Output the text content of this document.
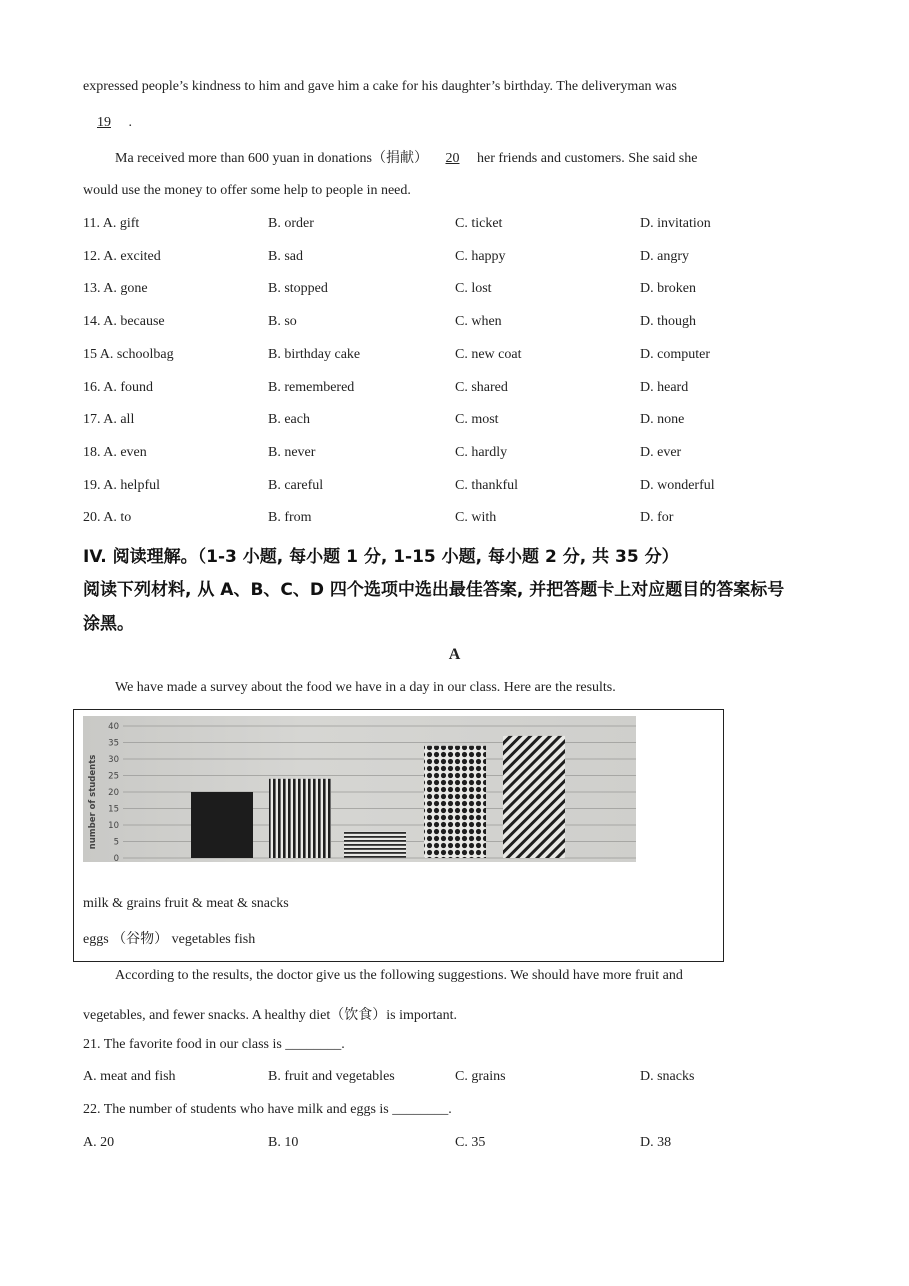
expressed people’s kindness to him and gave him a cake for his daughter’s birthday. The deliveryman was
19 .
Ma received more than 600 yuan in donations（捐献） 20 her friends and customers. She said she
would use the money to offer some help to people in need.
11. A. gift	B. order	C. ticket	D. invitation
12. A. excited	B. sad	C. happy	D. angry
13. A. gone	B. stopped	C. lost	D. broken
14. A. because	B. so	C. when	D. though
15 A. schoolbag	B. birthday cake	C. new coat	D. computer
16. A. found	B. remembered	C. shared	D. heard
17. A. all	B. each	C. most	D. none
18. A. even	B. never	C. hardly	D. ever
19. A. helpful	B. careful	C. thankful	D. wonderful
20. A. to	B. from	C. with	D. for
IV. 阅读理解。（1-3 小题, 每小题 1 分, 1-15 小题, 每小题 2 分, 共 35 分）
阅读下列材料, 从 A、B、C、D 四个选项中选出最佳答案, 并把答题卡上对应题目的答案标号
涂黑。
A
We have made a survey about the food we have in a day in our class. Here are the results.
0
5
10
15
20
25
30
35
40
number of students
milk & grains fruit & meat & snacks
eggs （谷物） vegetables fish
According to the results, the doctor give us the following suggestions. We should have more fruit and
vegetables, and fewer snacks. A healthy diet（饮食）is important.
21. The favorite food in our class is ________.
A. meat and fish	B. fruit and vegetables	C. grains	D. snacks
22. The number of students who have milk and eggs is ________.
A. 20	B. 10	C. 35	D. 38
